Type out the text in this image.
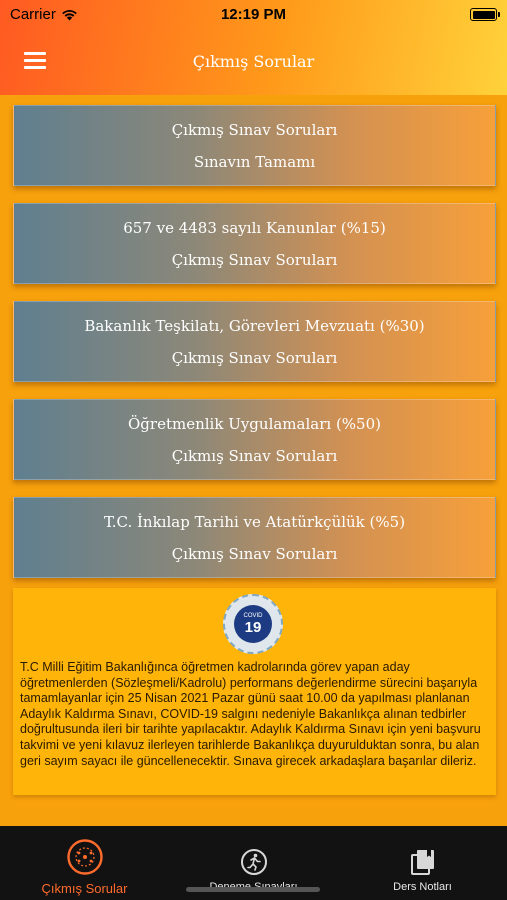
Carrier	12:19 PM
Çıkmış Sorular
Çıkmış Sınav Soruları
Sınavın Tamamı
657 ve 4483 sayılı Kanunlar (%15)
Çıkmış Sınav Soruları
Bakanlık Teşkilatı, Görevleri Mevzuatı (%30)
Çıkmış Sınav Soruları
Öğretmenlik Uygulamaları (%50)
Çıkmış Sınav Soruları
T.C. İnkılap Tarihi ve Atatürkçülük (%5)
Çıkmış Sınav Soruları
COVID
19
T.C Milli Eğitim Bakanlığınca öğretmen kadrolarında görev yapan aday öğretmenlerden (Sözleşmeli/Kadrolu) performans değerlendirme sürecini başarıyla tamamlayanlar için 25 Nisan 2021 Pazar günü saat 10.00 da yapılması planlanan Adaylık Kaldırma Sınavı, COVID-19 salgını nedeniyle Bakanlıkça alınan tedbirler doğrultusunda ileri bir tarihte yapılacaktır. Adaylık Kaldırma Sınavı için yeni başvuru takvimi ve yeni kılavuz ilerleyen tarihlerde Bakanlıkça duyurulduktan sonra, bu alan geri sayım sayacı ile güncellenecektir. Sınava girecek arkadaşlara başarılar dileriz.
Çıkmış Sorular	Ders Notları
